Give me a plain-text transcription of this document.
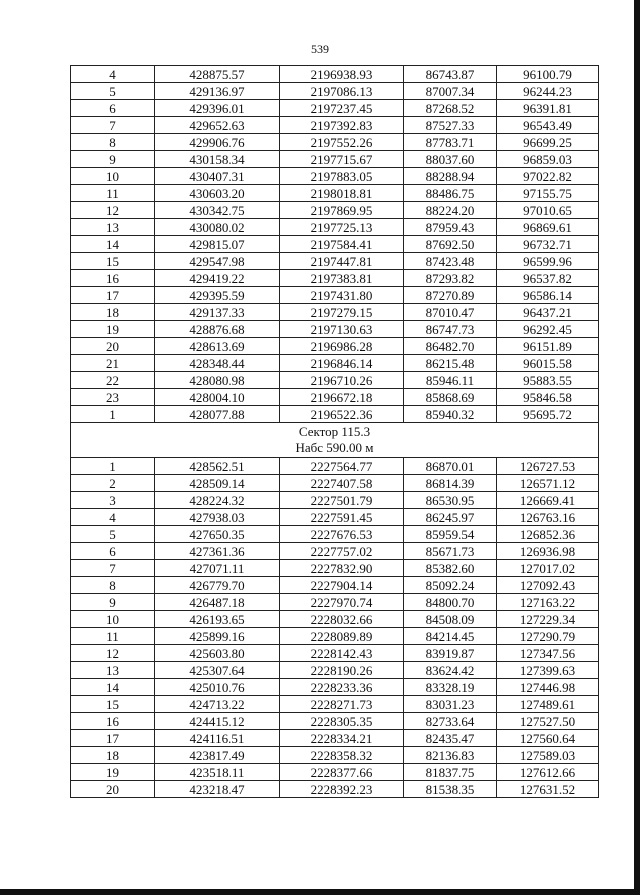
539
4	428875.57	2196938.93	86743.87	96100.79
5	429136.97	2197086.13	87007.34	96244.23
6	429396.01	2197237.45	87268.52	96391.81
7	429652.63	2197392.83	87527.33	96543.49
8	429906.76	2197552.26	87783.71	96699.25
9	430158.34	2197715.67	88037.60	96859.03
10	430407.31	2197883.05	88288.94	97022.82
11	430603.20	2198018.81	88486.75	97155.75
12	430342.75	2197869.95	88224.20	97010.65
13	430080.02	2197725.13	87959.43	96869.61
14	429815.07	2197584.41	87692.50	96732.71
15	429547.98	2197447.81	87423.48	96599.96
16	429419.22	2197383.81	87293.82	96537.82
17	429395.59	2197431.80	87270.89	96586.14
18	429137.33	2197279.15	87010.47	96437.21
19	428876.68	2197130.63	86747.73	96292.45
20	428613.69	2196986.28	86482.70	96151.89
21	428348.44	2196846.14	86215.48	96015.58
22	428080.98	2196710.26	85946.11	95883.55
23	428004.10	2196672.18	85868.69	95846.58
1	428077.88	2196522.36	85940.32	95695.72

Сектор 115.3
Набс 590.00 м				

1	428562.51	2227564.77	86870.01	126727.53
2	428509.14	2227407.58	86814.39	126571.12
3	428224.32	2227501.79	86530.95	126669.41
4	427938.03	2227591.45	86245.97	126763.16
5	427650.35	2227676.53	85959.54	126852.36
6	427361.36	2227757.02	85671.73	126936.98
7	427071.11	2227832.90	85382.60	127017.02
8	426779.70	2227904.14	85092.24	127092.43
9	426487.18	2227970.74	84800.70	127163.22
10	426193.65	2228032.66	84508.09	127229.34
11	425899.16	2228089.89	84214.45	127290.79
12	425603.80	2228142.43	83919.87	127347.56
13	425307.64	2228190.26	83624.42	127399.63
14	425010.76	2228233.36	83328.19	127446.98
15	424713.22	2228271.73	83031.23	127489.61
16	424415.12	2228305.35	82733.64	127527.50
17	424116.51	2228334.21	82435.47	127560.64
18	423817.49	2228358.32	82136.83	127589.03
19	423518.11	2228377.66	81837.75	127612.66
20	423218.47	2228392.23	81538.35	127631.52
